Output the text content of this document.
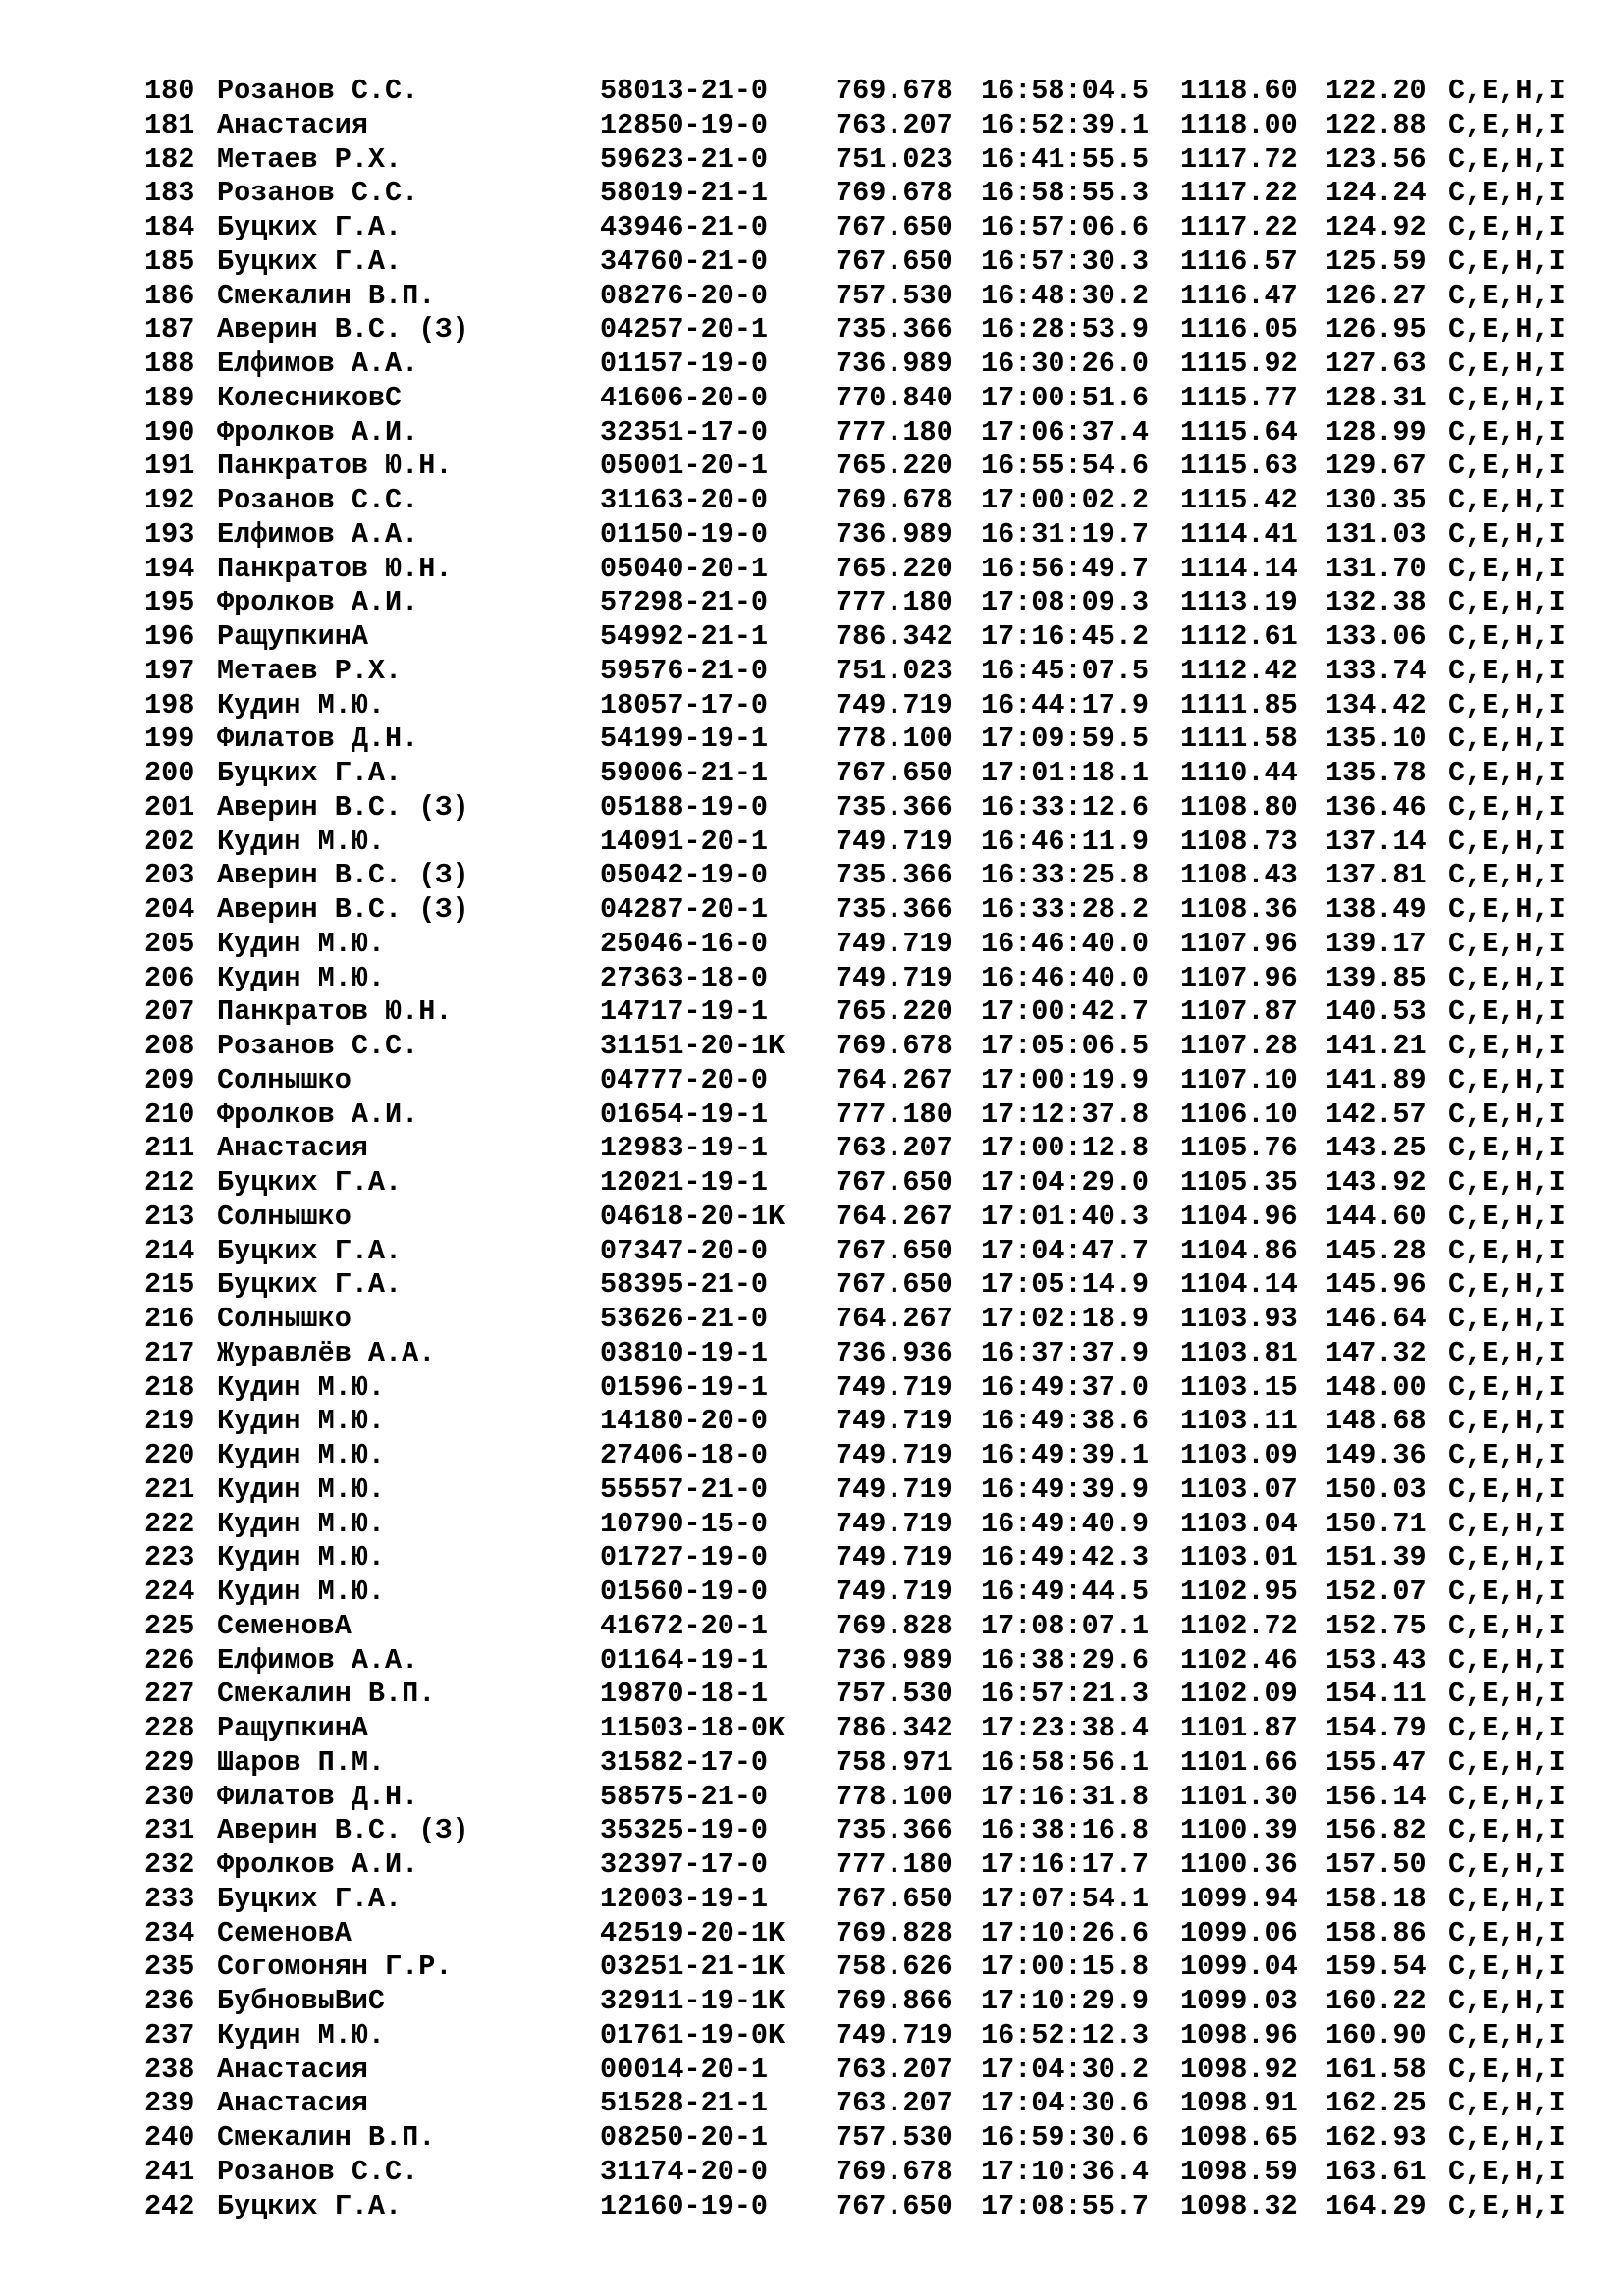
180 Розанов С.С.	58013-21-0	769.678 16:58:04.5	1118.60 122.20 C,E,H,I
181 Анастасия	12850-19-0	763.207 16:52:39.1	1118.00 122.88 C,E,H,I
182 Метаев Р.Х.	59623-21-0	751.023 16:41:55.5	1117.72 123.56 C,E,H,I
183 Розанов С.С.	58019-21-1	769.678 16:58:55.3	1117.22 124.24 C,E,H,I
184 Буцких Г.А.	43946-21-0	767.650 16:57:06.6	1117.22 124.92 C,E,H,I
185 Буцких Г.А.	34760-21-0	767.650 16:57:30.3	1116.57 125.59 C,E,H,I
186 Смекалин В.П.	08276-20-0	757.530 16:48:30.2	1116.47 126.27 C,E,H,I
187 Аверин В.С. (З)	04257-20-1	735.366 16:28:53.9	1116.05 126.95 C,E,H,I
188 Елфимов А.А.	01157-19-0	736.989 16:30:26.0	1115.92 127.63 C,E,H,I
189 КолесниковС	41606-20-0	770.840 17:00:51.6	1115.77 128.31 C,E,H,I
190 Фролков А.И.	32351-17-0	777.180 17:06:37.4	1115.64 128.99 C,E,H,I
191 Панкратов Ю.Н.	05001-20-1	765.220 16:55:54.6	1115.63 129.67 C,E,H,I
192 Розанов С.С.	31163-20-0	769.678 17:00:02.2	1115.42 130.35 C,E,H,I
193 Елфимов А.А.	01150-19-0	736.989 16:31:19.7	1114.41 131.03 C,E,H,I
194 Панкратов Ю.Н.	05040-20-1	765.220 16:56:49.7	1114.14 131.70 C,E,H,I
195 Фролков А.И.	57298-21-0	777.180 17:08:09.3	1113.19 132.38 C,E,H,I
196 РащупкинА	54992-21-1	786.342 17:16:45.2	1112.61 133.06 C,E,H,I
197 Метаев Р.Х.	59576-21-0	751.023 16:45:07.5	1112.42 133.74 C,E,H,I
198 Кудин М.Ю.	18057-17-0	749.719 16:44:17.9	1111.85 134.42 C,E,H,I
199 Филатов Д.Н.	54199-19-1	778.100 17:09:59.5	1111.58 135.10 C,E,H,I
200 Буцких Г.А.	59006-21-1	767.650 17:01:18.1	1110.44 135.78 C,E,H,I
201 Аверин В.С. (З)	05188-19-0	735.366 16:33:12.6	1108.80 136.46 C,E,H,I
202 Кудин М.Ю.	14091-20-1	749.719 16:46:11.9	1108.73 137.14 C,E,H,I
203 Аверин В.С. (З)	05042-19-0	735.366 16:33:25.8	1108.43 137.81 C,E,H,I
204 Аверин В.С. (З)	04287-20-1	735.366 16:33:28.2	1108.36 138.49 C,E,H,I
205 Кудин М.Ю.	25046-16-0	749.719 16:46:40.0	1107.96 139.17 C,E,H,I
206 Кудин М.Ю.	27363-18-0	749.719 16:46:40.0	1107.96 139.85 C,E,H,I
207 Панкратов Ю.Н.	14717-19-1	765.220 17:00:42.7	1107.87 140.53 C,E,H,I
208 Розанов С.С.	31151-20-1K	769.678 17:05:06.5	1107.28 141.21 C,E,H,I
209 Солнышко	04777-20-0	764.267 17:00:19.9	1107.10 141.89 C,E,H,I
210 Фролков А.И.	01654-19-1	777.180 17:12:37.8	1106.10 142.57 C,E,H,I
211 Анастасия	12983-19-1	763.207 17:00:12.8	1105.76 143.25 C,E,H,I
212 Буцких Г.А.	12021-19-1	767.650 17:04:29.0	1105.35 143.92 C,E,H,I
213 Солнышко	04618-20-1K	764.267 17:01:40.3	1104.96 144.60 C,E,H,I
214 Буцких Г.А.	07347-20-0	767.650 17:04:47.7	1104.86 145.28 C,E,H,I
215 Буцких Г.А.	58395-21-0	767.650 17:05:14.9	1104.14 145.96 C,E,H,I
216 Солнышко	53626-21-0	764.267 17:02:18.9	1103.93 146.64 C,E,H,I
217 Журавлёв А.А.	03810-19-1	736.936 16:37:37.9	1103.81 147.32 C,E,H,I
218 Кудин М.Ю.	01596-19-1	749.719 16:49:37.0	1103.15 148.00 C,E,H,I
219 Кудин М.Ю.	14180-20-0	749.719 16:49:38.6	1103.11 148.68 C,E,H,I
220 Кудин М.Ю.	27406-18-0	749.719 16:49:39.1	1103.09 149.36 C,E,H,I
221 Кудин М.Ю.	55557-21-0	749.719 16:49:39.9	1103.07 150.03 C,E,H,I
222 Кудин М.Ю.	10790-15-0	749.719 16:49:40.9	1103.04 150.71 C,E,H,I
223 Кудин М.Ю.	01727-19-0	749.719 16:49:42.3	1103.01 151.39 C,E,H,I
224 Кудин М.Ю.	01560-19-0	749.719 16:49:44.5	1102.95 152.07 C,E,H,I
225 СеменовА	41672-20-1	769.828 17:08:07.1	1102.72 152.75 C,E,H,I
226 Елфимов А.А.	01164-19-1	736.989 16:38:29.6	1102.46 153.43 C,E,H,I
227 Смекалин В.П.	19870-18-1	757.530 16:57:21.3	1102.09 154.11 C,E,H,I
228 РащупкинА	11503-18-0K	786.342 17:23:38.4	1101.87 154.79 C,E,H,I
229 Шаров П.М.	31582-17-0	758.971 16:58:56.1	1101.66 155.47 C,E,H,I
230 Филатов Д.Н.	58575-21-0	778.100 17:16:31.8	1101.30 156.14 C,E,H,I
231 Аверин В.С. (З)	35325-19-0	735.366 16:38:16.8	1100.39 156.82 C,E,H,I
232 Фролков А.И.	32397-17-0	777.180 17:16:17.7	1100.36 157.50 C,E,H,I
233 Буцких Г.А.	12003-19-1	767.650 17:07:54.1	1099.94 158.18 C,E,H,I
234 СеменовА	42519-20-1K	769.828 17:10:26.6	1099.06 158.86 C,E,H,I
235 Согомонян Г.Р.	03251-21-1K	758.626 17:00:15.8	1099.04 159.54 C,E,H,I
236 БубновыВиС	32911-19-1K	769.866 17:10:29.9	1099.03 160.22 C,E,H,I
237 Кудин М.Ю.	01761-19-0K	749.719 16:52:12.3	1098.96 160.90 C,E,H,I
238 Анастасия	00014-20-1	763.207 17:04:30.2	1098.92 161.58 C,E,H,I
239 Анастасия	51528-21-1	763.207 17:04:30.6	1098.91 162.25 C,E,H,I
240 Смекалин В.П.	08250-20-1	757.530 16:59:30.6	1098.65 162.93 C,E,H,I
241 Розанов С.С.	31174-20-0	769.678 17:10:36.4	1098.59 163.61 C,E,H,I
242 Буцких Г.А.	12160-19-0	767.650 17:08:55.7	1098.32 164.29 C,E,H,I
